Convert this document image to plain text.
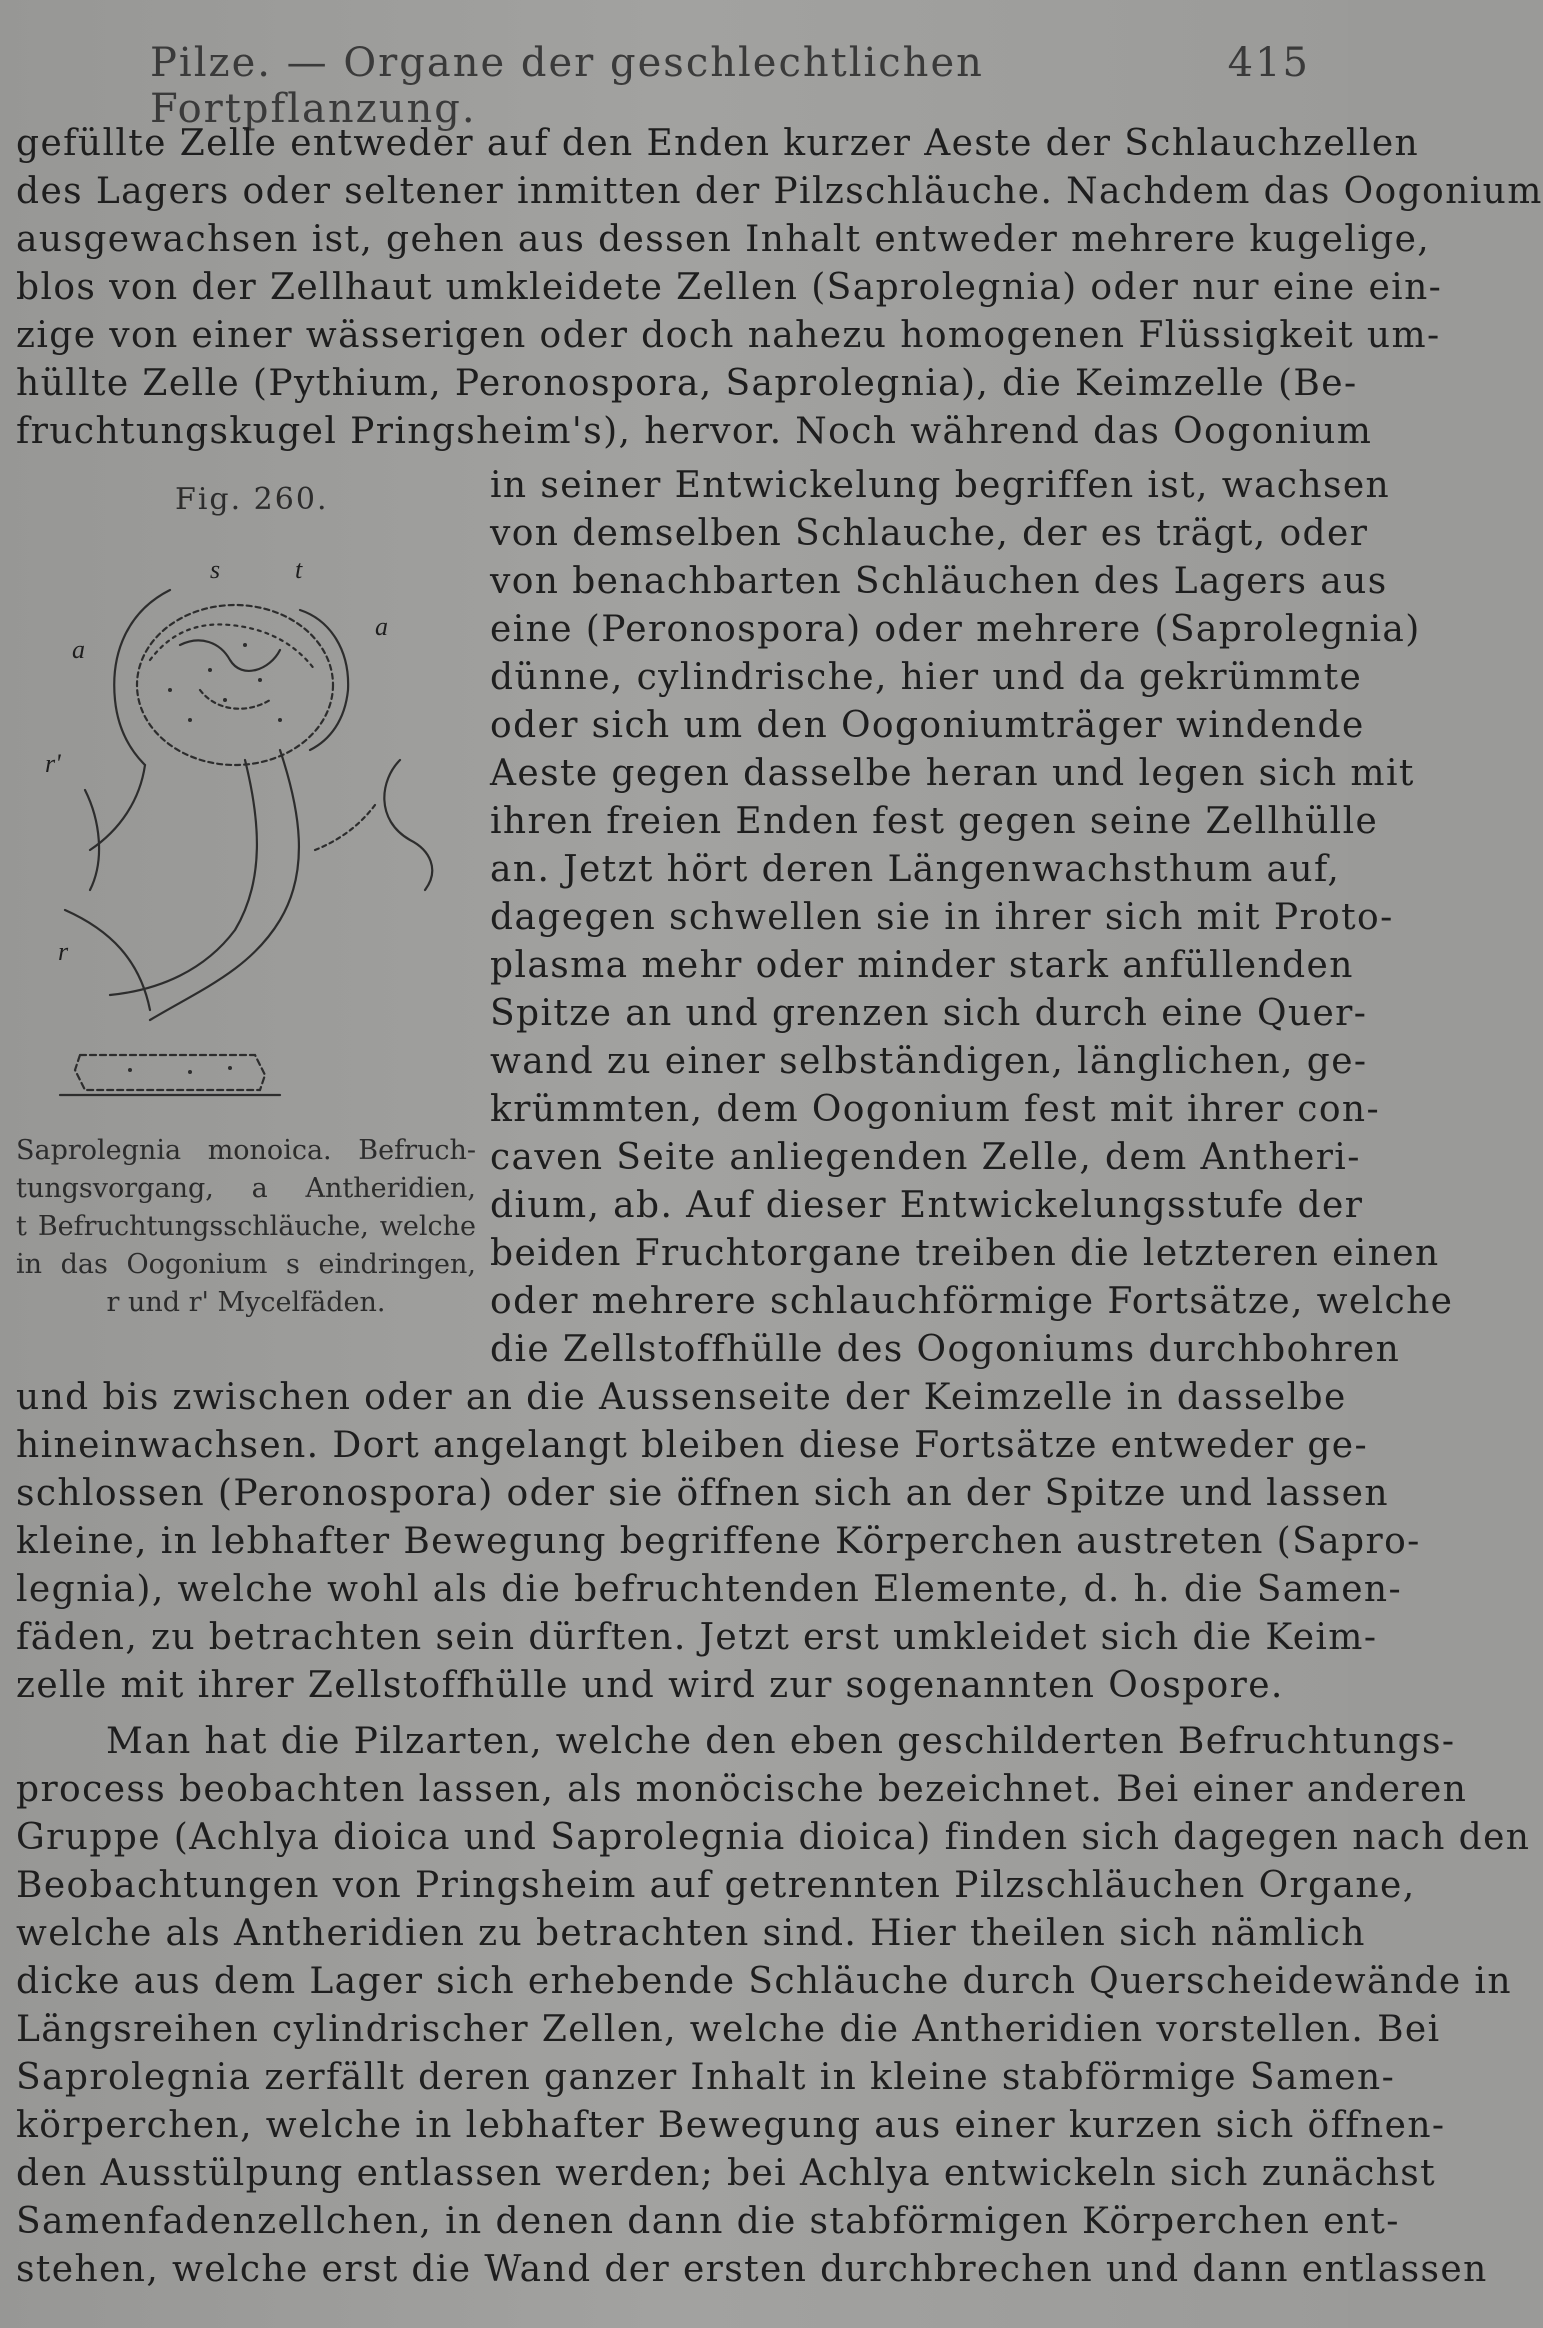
Pilze. — Organe der geschlechtlichen Fortpflanzung.
415
gefüllte Zelle entweder auf den Enden kurzer Aeste der Schlauchzellen
des Lagers oder seltener inmitten der Pilzschläuche. Nachdem das Oogonium
ausgewachsen ist, gehen aus dessen Inhalt entweder mehrere kugelige,
blos von der Zellhaut umkleidete Zellen (Saprolegnia) oder nur eine ein-
zige von einer wässerigen oder doch nahezu homogenen Flüssigkeit um-
hüllte Zelle (Pythium, Peronospora, Saprolegnia), die Keimzelle (Be-
fruchtungskugel Pringsheim's), hervor. Noch während das Oogonium
Fig. 260.
s	t
a
a
r'
r
Saprolegnia monoica. Befruch-
tungsvorgang, a Antheridien,
t Befruchtungsschläuche, welche
in das Oogonium s eindringen,
r und r' Mycelfäden.
in seiner Entwickelung begriffen ist, wachsen
von demselben Schlauche, der es trägt, oder
von benachbarten Schläuchen des Lagers aus
eine (Peronospora) oder mehrere (Saprolegnia)
dünne, cylindrische, hier und da gekrümmte
oder sich um den Oogoniumträger windende
Aeste gegen dasselbe heran und legen sich mit
ihren freien Enden fest gegen seine Zellhülle
an. Jetzt hört deren Längenwachsthum auf,
dagegen schwellen sie in ihrer sich mit Proto-
plasma mehr oder minder stark anfüllenden
Spitze an und grenzen sich durch eine Quer-
wand zu einer selbständigen, länglichen, ge-
krümmten, dem Oogonium fest mit ihrer con-
caven Seite anliegenden Zelle, dem Antheri-
dium, ab. Auf dieser Entwickelungsstufe der
beiden Fruchtorgane treiben die letzteren einen
oder mehrere schlauchförmige Fortsätze, welche
die Zellstoffhülle des Oogoniums durchbohren
und bis zwischen oder an die Aussenseite der Keimzelle in dasselbe
hineinwachsen. Dort angelangt bleiben diese Fortsätze entweder ge-
schlossen (Peronospora) oder sie öffnen sich an der Spitze und lassen
kleine, in lebhafter Bewegung begriffene Körperchen austreten (Sapro-
legnia), welche wohl als die befruchtenden Elemente, d. h. die Samen-
fäden, zu betrachten sein dürften. Jetzt erst umkleidet sich die Keim-
zelle mit ihrer Zellstoffhülle und wird zur sogenannten Oospore.
Man hat die Pilzarten, welche den eben geschilderten Befruchtungs-
process beobachten lassen, als monöcische bezeichnet. Bei einer anderen
Gruppe (Achlya dioica und Saprolegnia dioica) finden sich dagegen nach den
Beobachtungen von Pringsheim auf getrennten Pilzschläuchen Organe,
welche als Antheridien zu betrachten sind. Hier theilen sich nämlich
dicke aus dem Lager sich erhebende Schläuche durch Querscheidewände in
Längsreihen cylindrischer Zellen, welche die Antheridien vorstellen. Bei
Saprolegnia zerfällt deren ganzer Inhalt in kleine stabförmige Samen-
körperchen, welche in lebhafter Bewegung aus einer kurzen sich öffnen-
den Ausstülpung entlassen werden; bei Achlya entwickeln sich zunächst
Samenfadenzellchen, in denen dann die stabförmigen Körperchen ent-
stehen, welche erst die Wand der ersten durchbrechen und dann entlassen
